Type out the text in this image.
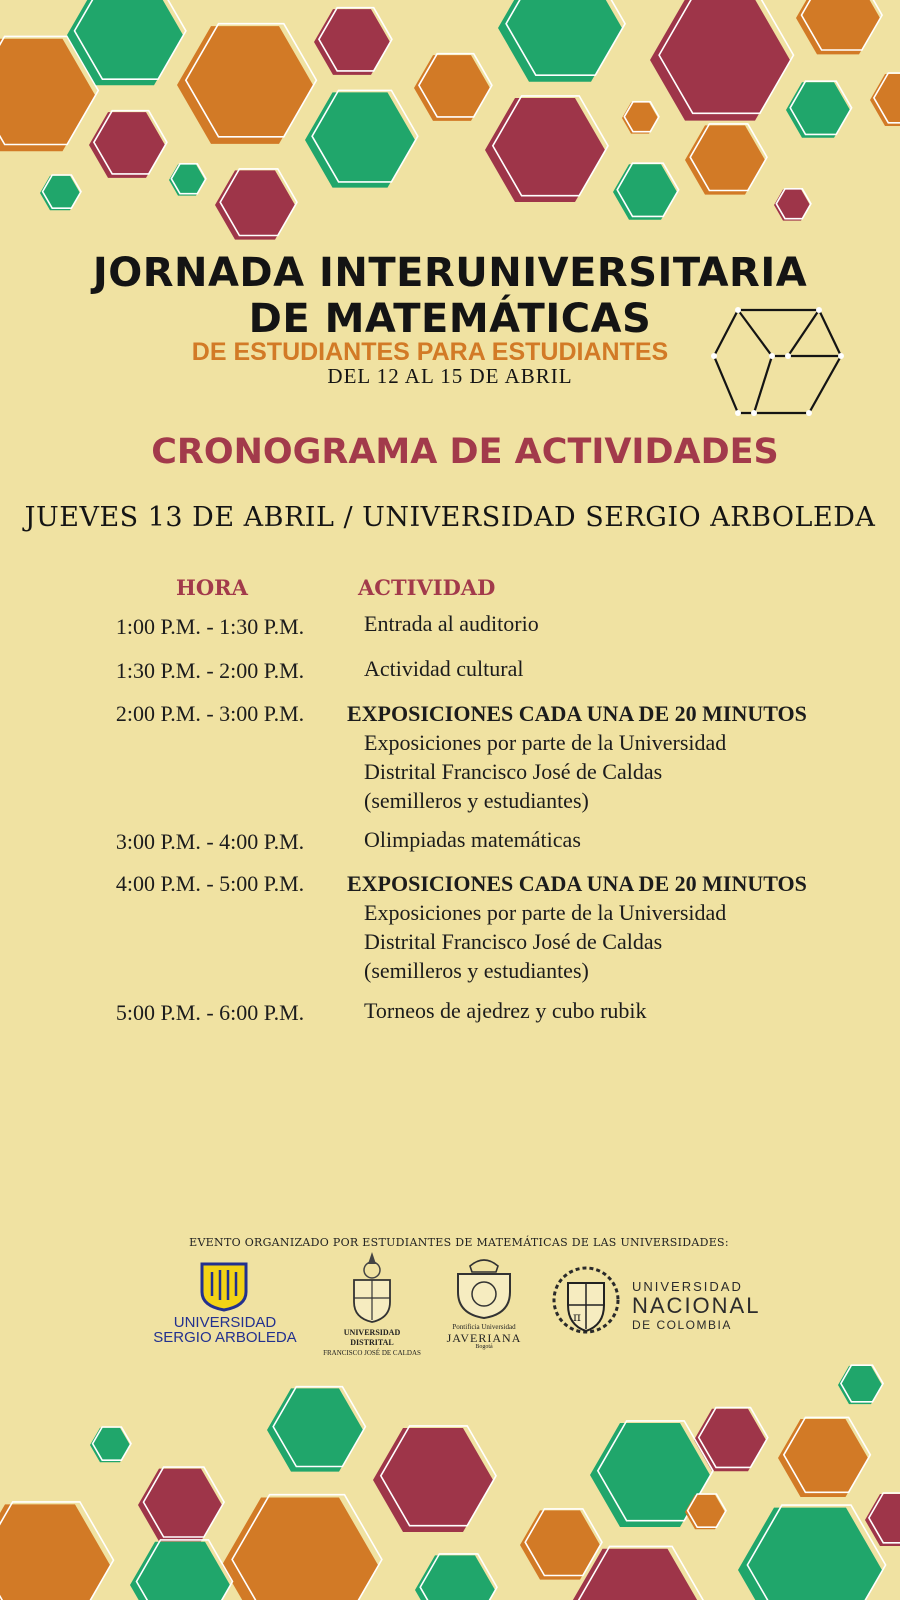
JORNADA INTERUNIVERSITARIA
DE MATEMÁTICAS
DE ESTUDIANTES PARA ESTUDIANTES
DEL 12 AL 15 DE ABRIL
CRONOGRAMA DE ACTIVIDADES
JUEVES 13 DE ABRIL / UNIVERSIDAD SERGIO ARBOLEDA
HORA	ACTIVIDAD
1:00 P.M. - 1:30 P.M.	Entrada al auditorio
1:30 P.M. - 2:00 P.M.	Actividad cultural
2:00 P.M. - 3:00 P.M.	EXPOSICIONES CADA UNA DE 20 MINUTOS
Exposiciones por parte de la Universidad
Distrital Francisco José de Caldas
(semilleros y estudiantes)
3:00 P.M. - 4:00 P.M.	Olimpiadas matemáticas
4:00 P.M. - 5:00 P.M.	EXPOSICIONES CADA UNA DE 20 MINUTOS
Exposiciones por parte de la Universidad
Distrital Francisco José de Caldas
(semilleros y estudiantes)
5:00 P.M. - 6:00 P.M.	Torneos de ajedrez y cubo rubik
EVENTO ORGANIZADO POR ESTUDIANTES DE MATEMÁTICAS DE LAS UNIVERSIDADES:
UNIVERSIDAD
SERGIO ARBOLEDA	UNIVERSIDAD DISTRITAL
FRANCISCO JOSÉ DE CALDAS
Pontificia Universidad
JAVERIANA
Bogotá
π
UNIVERSIDAD
NACIONAL
DE COLOMBIA
